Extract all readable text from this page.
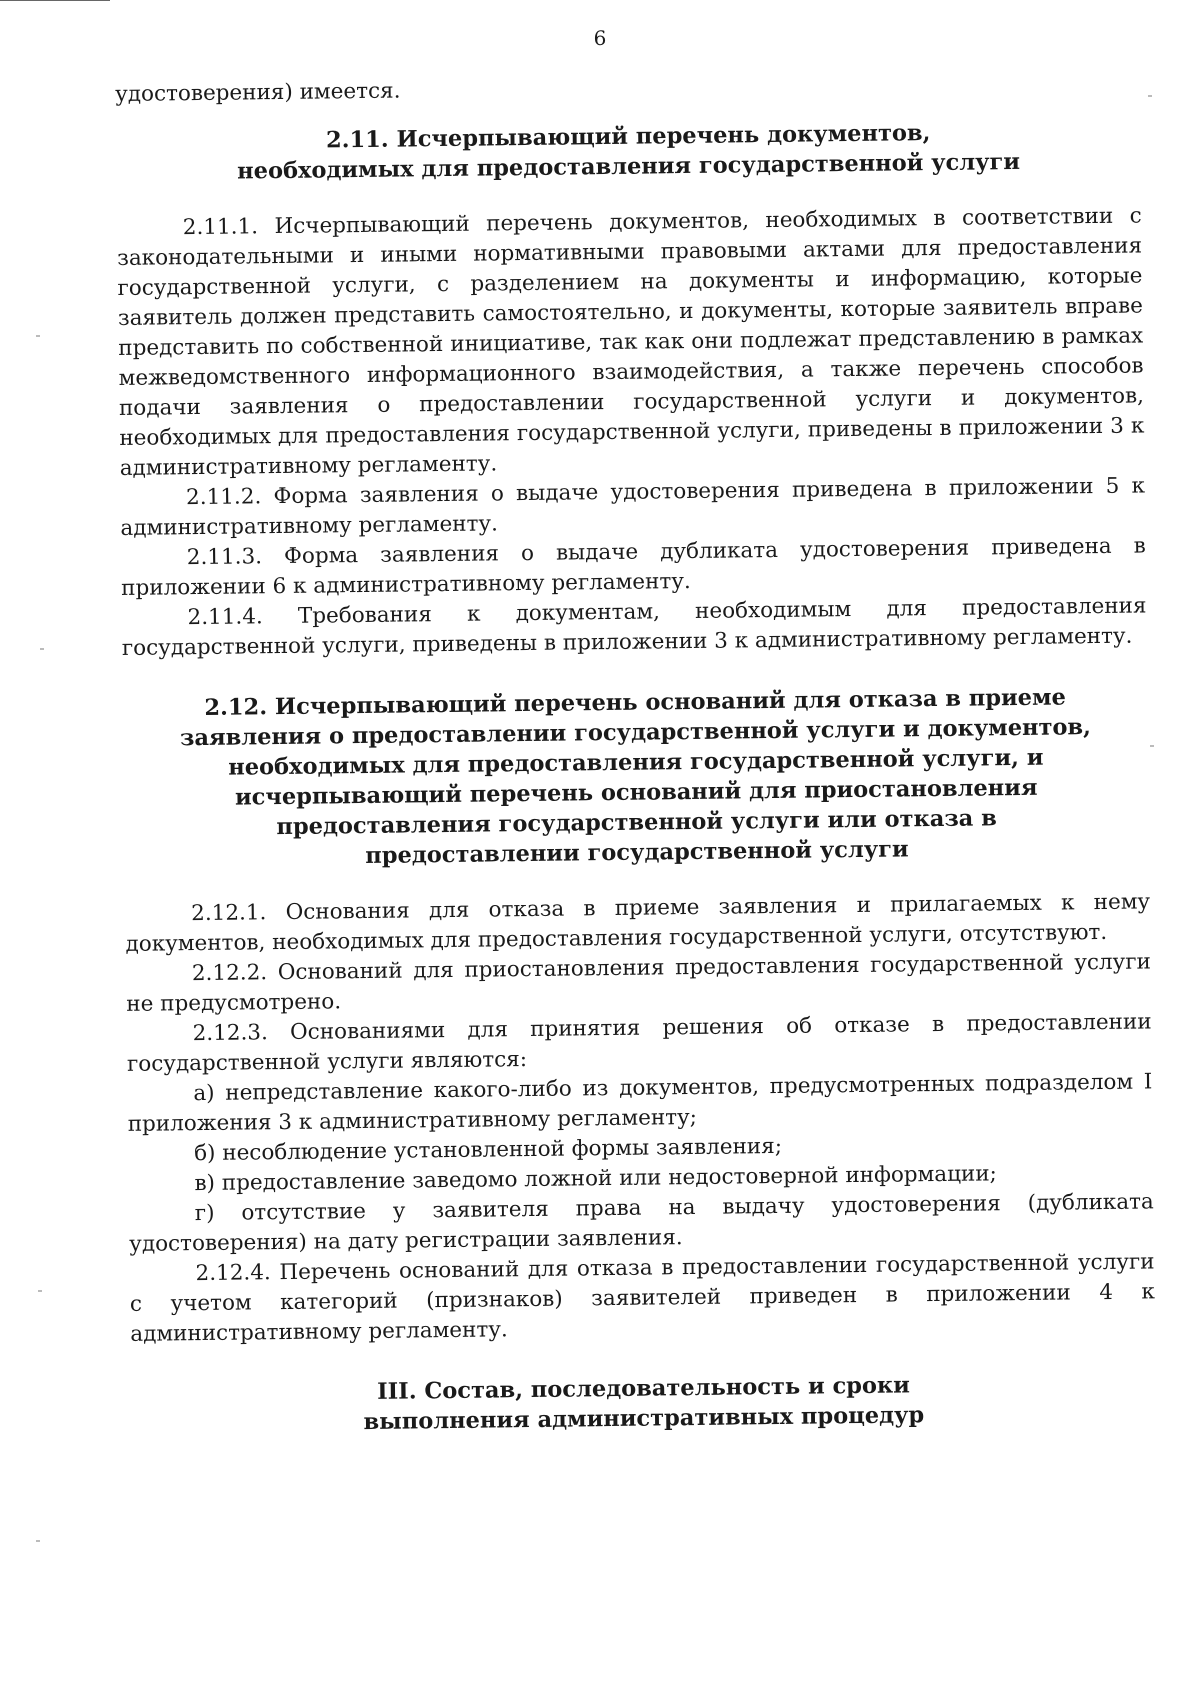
6

удостоверения) имеется.

2.11. Исчерпывающий перечень документов, необходимых для предоставления государственной услуги

2.11.1. Исчерпывающий перечень документов, необходимых в соответствии с законодательными и иными нормативными правовыми актами для предоставления государственной услуги, с разделением на документы и информацию, которые заявитель должен представить самостоятельно, и документы, которые заявитель вправе представить по собственной инициативе, так как они подлежат представлению в рамках межведомственного информационного взаимодействия, а также перечень способов подачи заявления о предоставлении государственной услуги и документов, необходимых для предоставления государственной услуги, приведены в приложении 3 к административному регламенту.

2.11.2. Форма заявления о выдаче удостоверения приведена в приложении 5 к административному регламенту.

2.11.3. Форма заявления о выдаче дубликата удостоверения приведена в приложении 6 к административному регламенту.

2.11.4. Требования к документам, необходимым для предоставления государственной услуги, приведены в приложении 3 к административному регламенту.

2.12. Исчерпывающий перечень оснований для отказа в приеме заявления о предоставлении государственной услуги и документов, необходимых для предоставления государственной услуги, и исчерпывающий перечень оснований для приостановления предоставления государственной услуги или отказа в предоставлении государственной услуги

2.12.1. Основания для отказа в приеме заявления и прилагаемых к нему документов, необходимых для предоставления государственной услуги, отсутствуют.

2.12.2. Оснований для приостановления предоставления государственной услуги не предусмотрено.

2.12.3. Основаниями для принятия решения об отказе в предоставлении государственной услуги являются:

а) непредставление какого-либо из документов, предусмотренных подразделом I приложения 3 к административному регламенту;

б) несоблюдение установленной формы заявления;

в) предоставление заведомо ложной или недостоверной информации;

г) отсутствие у заявителя права на выдачу удостоверения (дубликата удостоверения) на дату регистрации заявления.

2.12.4. Перечень оснований для отказа в предоставлении государственной услуги с учетом категорий (признаков) заявителей приведен в приложении 4 к административному регламенту.

III. Состав, последовательность и сроки выполнения административных процедур
